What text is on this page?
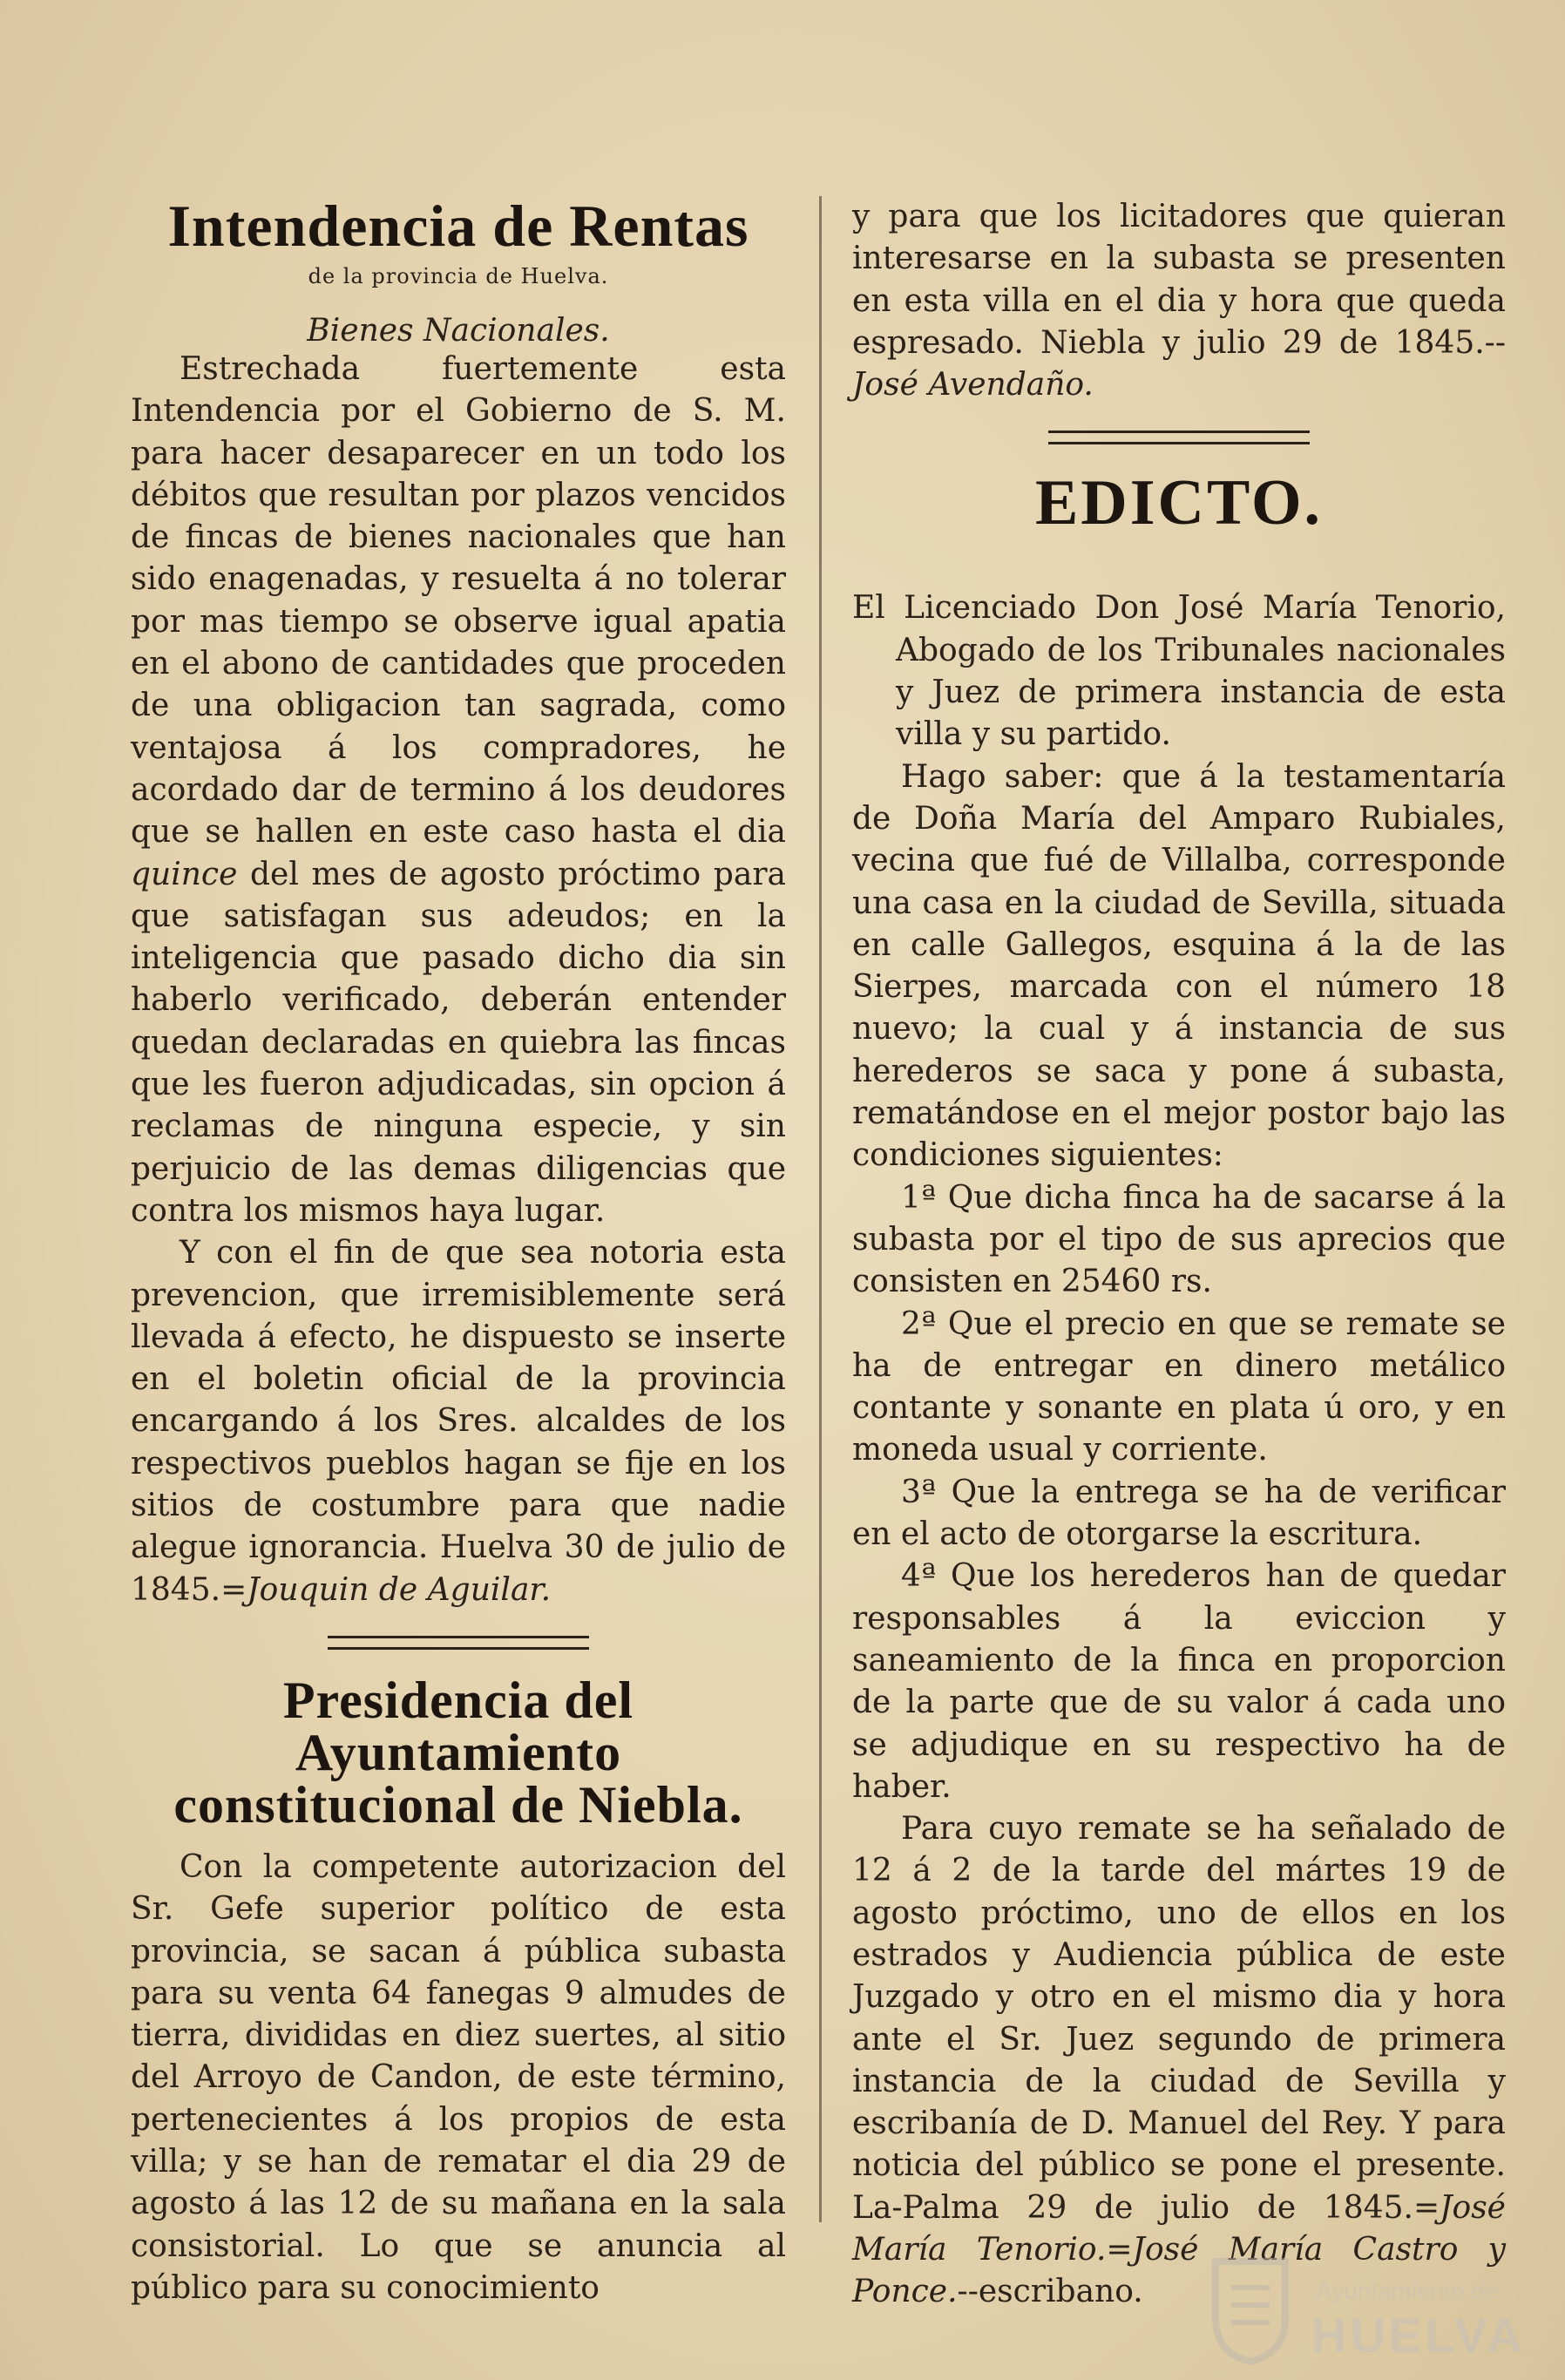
Intendencia de Rentas

de la provincia de Huelva.

Bienes Nacionales.

Estrechada fuertemente esta Intendencia por el Gobierno de S. M. para hacer desaparecer en un todo los débitos que resultan por plazos vencidos de fincas de bienes nacionales que han sido enagenadas, y resuelta á no tolerar por mas tiempo se observe igual apatia en el abono de cantidades que proceden de una obligacion tan sagrada, como ventajosa á los compradores, he acordado dar de termino á los deudores que se hallen en este caso hasta el dia quince del mes de agosto próctimo para que satisfagan sus adeudos; en la inteligencia que pasado dicho dia sin haberlo verificado, deberán entender quedan declaradas en quiebra las fincas que les fueron adjudicadas, sin opcion á reclamas de ninguna especie, y sin perjuicio de las demas diligencias que contra los mismos haya lugar.

Y con el fin de que sea notoria esta prevencion, que irremisiblemente será llevada á efecto, he dispuesto se inserte en el boletin oficial de la provincia encargando á los Sres. alcaldes de los respectivos pueblos hagan se fije en los sitios de costumbre para que nadie alegue ignorancia. Huelva 30 de julio de 1845.=Jouquin de Aguilar.

Presidencia del Ayuntamiento constitucional de Niebla.

Con la competente autorizacion del Sr. Gefe superior político de esta provincia, se sacan á pública subasta para su venta 64 fanegas 9 almudes de tierra, divididas en diez suertes, al sitio del Arroyo de Candon, de este término, pertenecientes á los propios de esta villa; y se han de rematar el dia 29 de agosto á las 12 de su mañana en la sala consistorial. Lo que se anuncia al público para su conocimiento

y para que los licitadores que quieran interesarse en la subasta se presenten en esta villa en el dia y hora que queda espresado. Niebla y julio 29 de 1845.--José Avendaño.

EDICTO.

El Licenciado Don José María Tenorio, Abogado de los Tribunales nacionales y Juez de primera instancia de esta villa y su partido.

Hago saber: que á la testamentaría de Doña María del Amparo Rubiales, vecina que fué de Villalba, corresponde una casa en la ciudad de Sevilla, situada en calle Gallegos, esquina á la de las Sierpes, marcada con el número 18 nuevo; la cual y á instancia de sus herederos se saca y pone á subasta, rematándose en el mejor postor bajo las condiciones siguientes:

1ª Que dicha finca ha de sacarse á la subasta por el tipo de sus aprecios que consisten en 25460 rs.

2ª Que el precio en que se remate se ha de entregar en dinero metálico contante y sonante en plata ú oro, y en moneda usual y corriente.

3ª Que la entrega se ha de verificar en el acto de otorgarse la escritura.

4ª Que los herederos han de quedar responsables á la eviccion y saneamiento de la finca en proporcion de la parte que de su valor á cada uno se adjudique en su respectivo ha de haber.

Para cuyo remate se ha señalado de 12 á 2 de la tarde del mártes 19 de agosto próctimo, uno de ellos en los estrados y Audiencia pública de este Juzgado y otro en el mismo dia y hora ante el Sr. Juez segundo de primera instancia de la ciudad de Sevilla y escribanía de D. Manuel del Rey. Y para noticia del público se pone el presente. La-Palma 29 de julio de 1845.=José María Tenorio.=José María Castro y Ponce.--escribano.	Ayuntamiento de
HUELVA
